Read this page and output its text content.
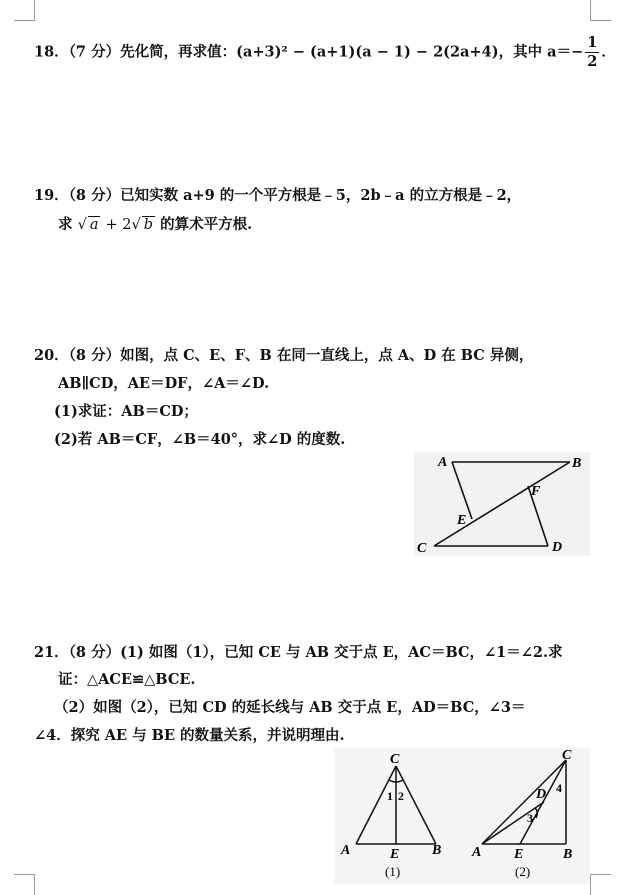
18．（7 分）先化简，再求值：(a+3)² − (a+1)(a − 1) − 2(2a+4)，其中 $a=- \frac{1}{2}$ ．
19．（8 分）已知实数 a+9 的一个平方根是﹣5，2b﹣a 的立方根是﹣2，
求 √ a + 2√ b 的算术平方根.
20．（8 分）如图，点 C、E、F、B 在同一直线上，点 A、D 在 BC 异侧，
AB∥CD，AE＝DF，∠A＝∠D.
(1)求证：AB＝CD；
(2)若 AB＝CF，∠B＝40°，求∠D 的度数.
A	B
C	D
E
F
21．（8 分）(1) 如图（1），已知 CE 与 AB 交于点 E，AC＝BC，∠1＝∠2.求
证：△ACE≌△BCE.
（2）如图（2），已知 CD 的延长线与 AB 交于点 E，AD＝BC，∠3＝
∠4．探究 AE 与 BE 的数量关系，并说明理由.
C
A	B
E
1 2
(1)
C
D
A E	B
3
4
(2)
